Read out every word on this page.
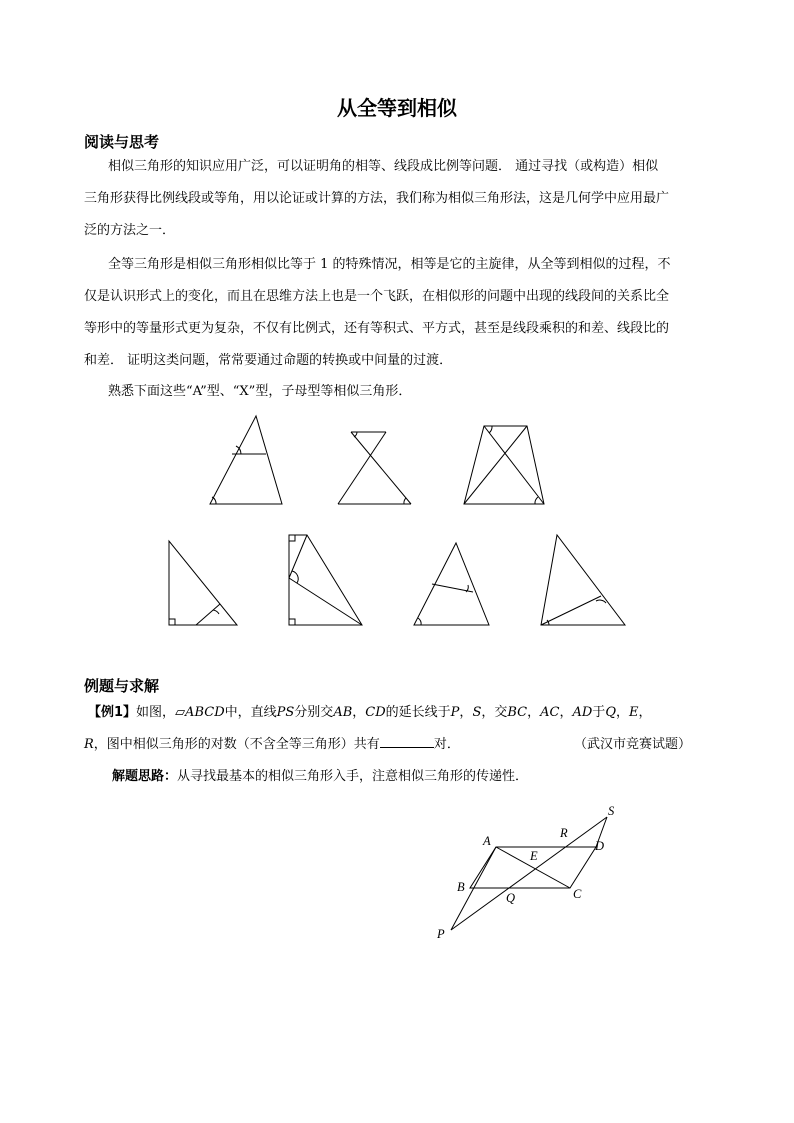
从全等到相似
阅读与思考
相似三角形的知识应用广泛，可以证明角的相等、线段成比例等问题． 通过寻找（或构造）相似
三角形获得比例线段或等角，用以论证或计算的方法，我们称为相似三角形法，这是几何学中应用最广
泛的方法之一．
全等三角形是相似三角形相似比等于 1 的特殊情况，相等是它的主旋律，从全等到相似的过程，不
仅是认识形式上的变化，而且在思维方法上也是一个飞跃，在相似形的问题中出现的线段间的关系比全
等形中的等量形式更为复杂，不仅有比例式，还有等积式、平方式，甚至是线段乘积的和差、线段比的
和差． 证明这类问题，常常要通过命题的转换或中间量的过渡．
熟悉下面这些“A”型、“X”型，子母型等相似三角形．
例题与求解
【例1】如图，▱ABCD中，直线PS分别交AB，CD的延长线于P，S，交BC，AC，AD于Q，E，
R，图中相似三角形的对数（不含全等三角形）共有	对．	（武汉市竞赛试题）
解题思路：从寻找最基本的相似三角形入手，注意相似三角形的传递性．
A
B	C
D
E
P
Q
R
S
